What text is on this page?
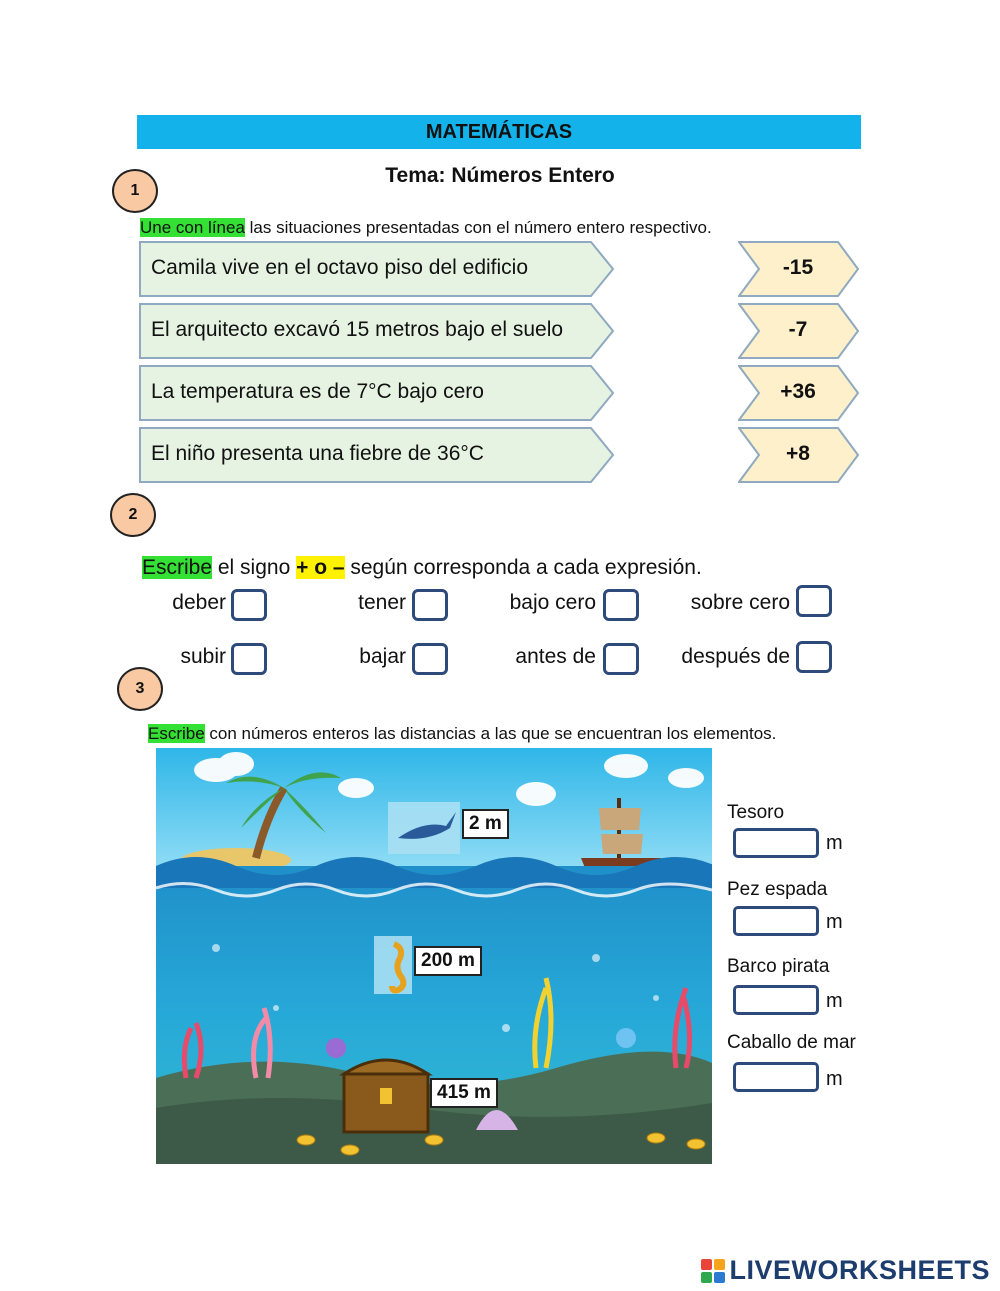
MATEMÁTICAS
Tema: Números Entero
1
Une con línea las situaciones presentadas con el número entero respectivo.
Camila vive en el octavo piso del edificio
El arquitecto excavó 15 metros bajo el suelo
La temperatura es de 7°C bajo cero
El niño presenta una fiebre de 36°C
-15
-7
+36
+8
2
Escribe el signo + o – según corresponda a cada expresión.
deber	tener	bajo cero	sobre cero
subir	bajar	antes de	después de
3
Escribe con números enteros las distancias a las que se encuentran los elementos.
2 m
200 m
415 m
Tesoro
m
Pez espada
m
Barco pirata
m
Caballo de mar
m
LIVEWORKSHEETS
